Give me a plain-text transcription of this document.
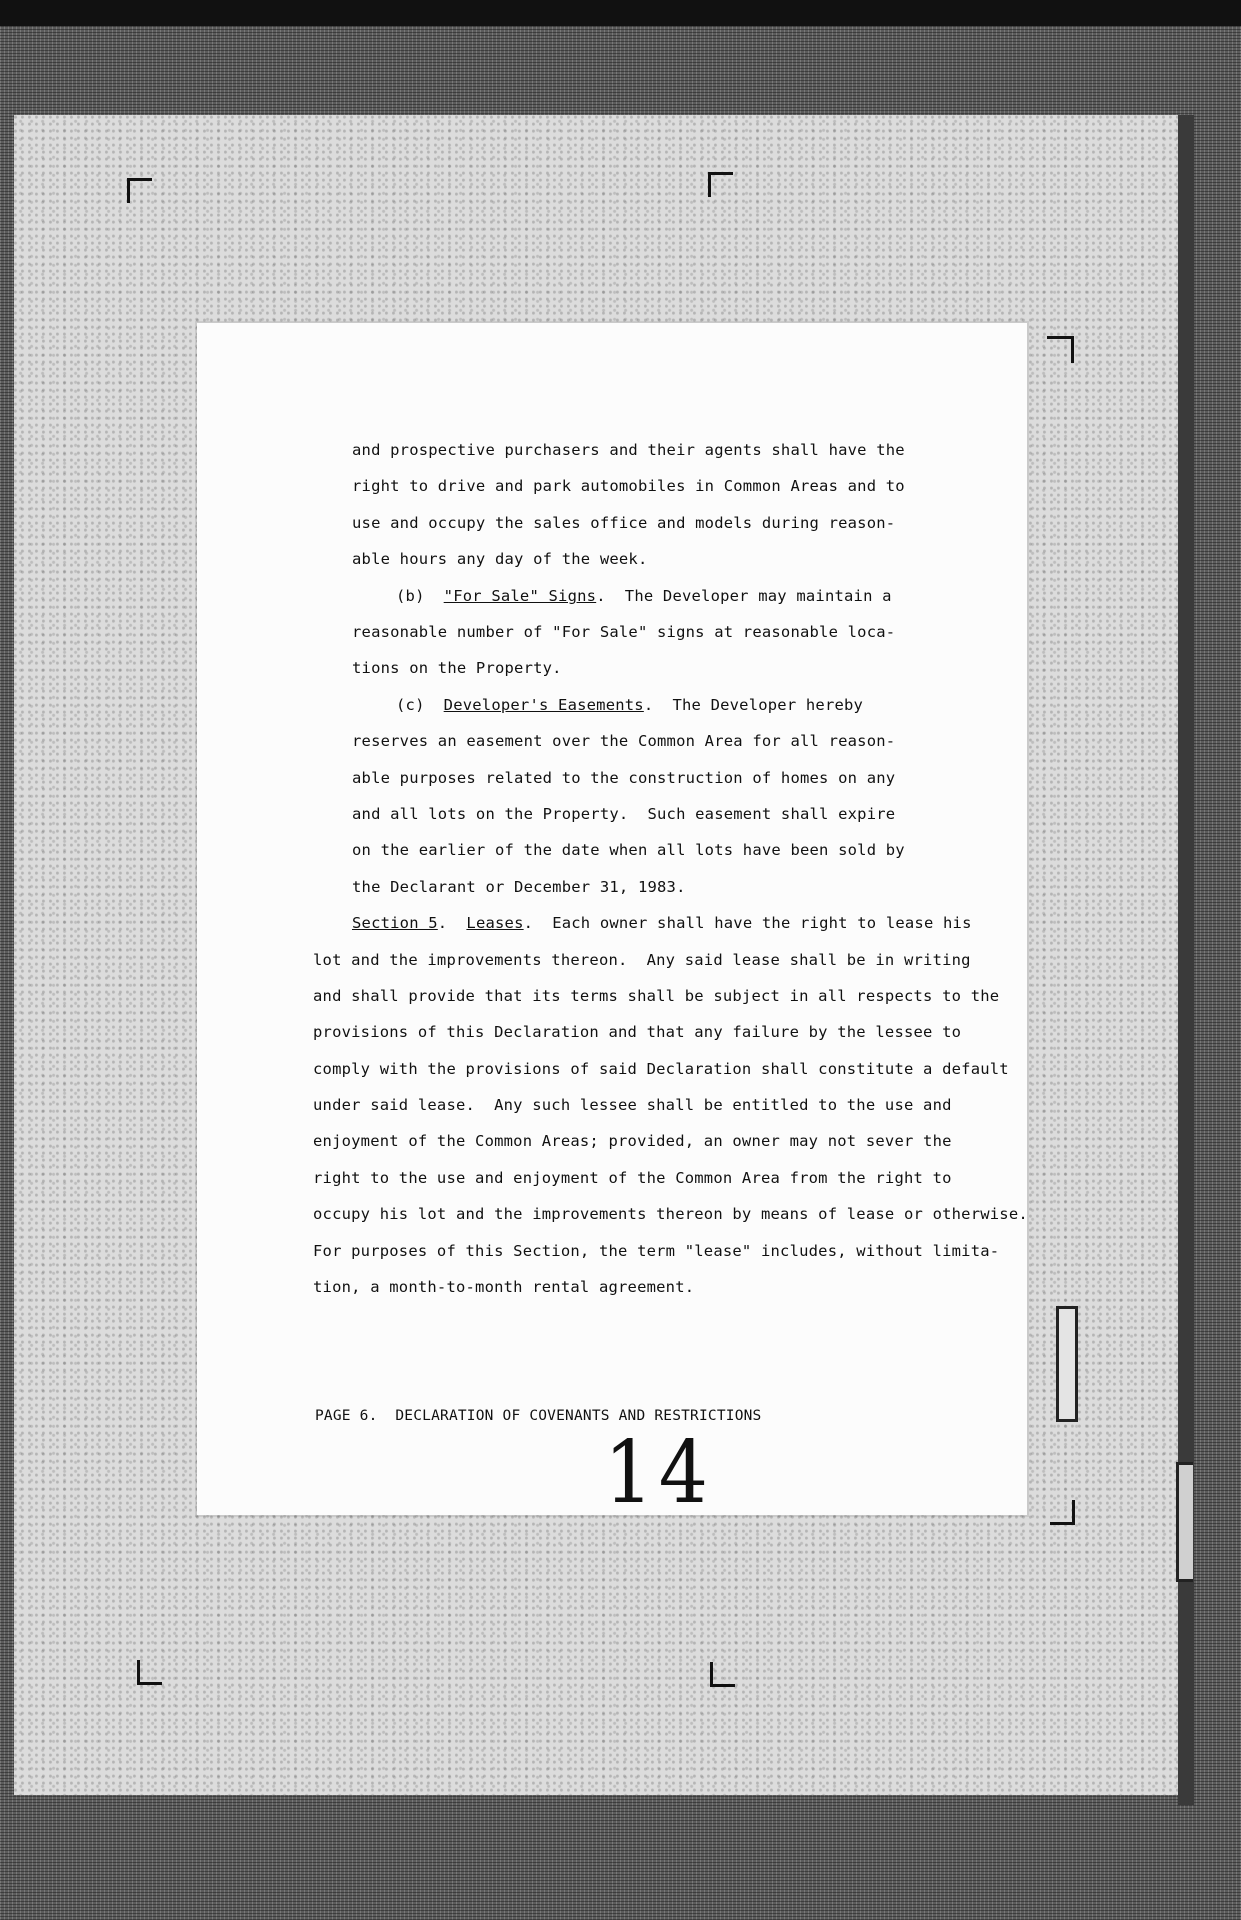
and prospective purchasers and their agents shall have the
right to drive and park automobiles in Common Areas and to
use and occupy the sales office and models during reason-
able hours any day of the week.
(b)  "For Sale" Signs.  The Developer may maintain a
reasonable number of "For Sale" signs at reasonable loca-
tions on the Property.
(c)  Developer's Easements.  The Developer hereby
reserves an easement over the Common Area for all reason-
able purposes related to the construction of homes on any
and all lots on the Property.  Such easement shall expire
on the earlier of the date when all lots have been sold by
the Declarant or December 31, 1983.
Section 5.  Leases.  Each owner shall have the right to lease his
lot and the improvements thereon.  Any said lease shall be in writing
and shall provide that its terms shall be subject in all respects to the
provisions of this Declaration and that any failure by the lessee to
comply with the provisions of said Declaration shall constitute a default
under said lease.  Any such lessee shall be entitled to the use and
enjoyment of the Common Areas; provided, an owner may not sever the
right to the use and enjoyment of the Common Area from the right to
occupy his lot and the improvements thereon by means of lease or otherwise.
For purposes of this Section, the term "lease" includes, without limita-
tion, a month-to-month rental agreement.
PAGE 6.  DECLARATION OF COVENANTS AND RESTRICTIONS
14
